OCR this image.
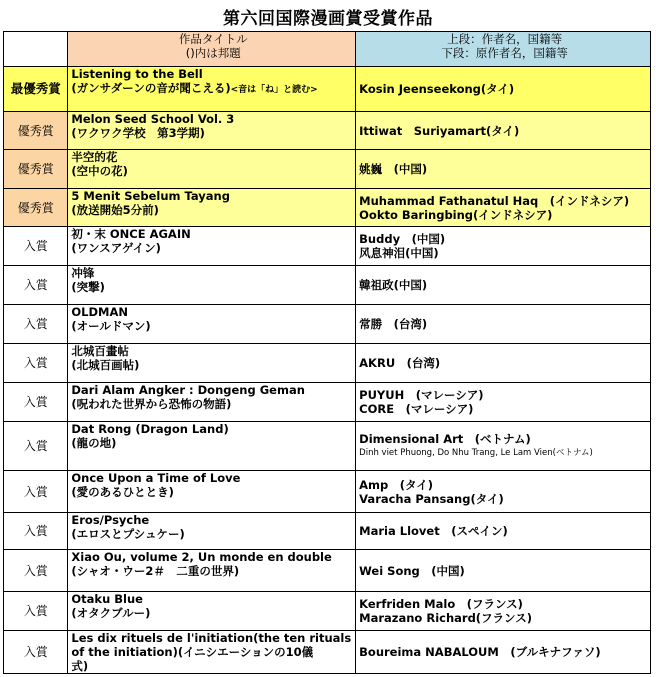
第六回国際漫画賞受賞作品

	作品タイトル
()内は邦題	上段：作者名，国籍等
下段：原作者名，国籍等

最優秀賞	Listening to the Bell
(ガンサダーンの音が聞こえる)<音は「ね」と読む>	Kosin Jeenseekong(タイ)

優秀賞	Melon Seed School Vol. 3
(ワクワク学校　第3学期)	Ittiwat　Suriyamart(タイ)

優秀賞	半空的花
(空中の花)	姚巍　(中国)

優秀賞	5 Menit Sebelum Tayang
(放送開始5分前)	Muhammad Fathanatul Haq　(インドネシア)
Ookto Baringbing(インドネシア)

入賞	初・末 ONCE AGAIN
(ワンスアゲイン)	Buddy　(中国)
风息神泪(中国)

入賞	冲锋
(突撃)	韓祖政(中国)

入賞	OLDMAN
(オールドマン)	常勝　(台湾)

入賞	北城百畫帖
(北城百画帖)	AKRU　(台湾)

入賞	Dari Alam Angker : Dongeng Geman
(呪われた世界から恐怖の物語)	PUYUH　(マレーシア)
CORE　(マレーシア)

入賞	Dat Rong (Dragon Land)
(龍の地)	Dimensional Art　(ベトナム)
Dinh viet Phuong, Do Nhu Trang, Le Lam Vien(ベトナム)

入賞	Once Upon a Time of Love
(愛のあるひととき)	Amp　(タイ)
Varacha Pansang(タイ)

入賞	Eros/Psyche
(エロスとプシュケー)	Maria Llovet　(スペイン)

入賞	Xiao Ou, volume 2, Un monde en double
(シャオ・ウー2＃　二重の世界)	Wei Song　(中国)

入賞	Otaku Blue
(オタクブルー)	Kerfriden Malo　(フランス)
Marazano Richard(フランス)

入賞	Les dix rituels de l'initiation(the ten rituals
of the initiation)(イニシエーションの10儀
式)	Boureima NABALOUM　(ブルキナファソ)
